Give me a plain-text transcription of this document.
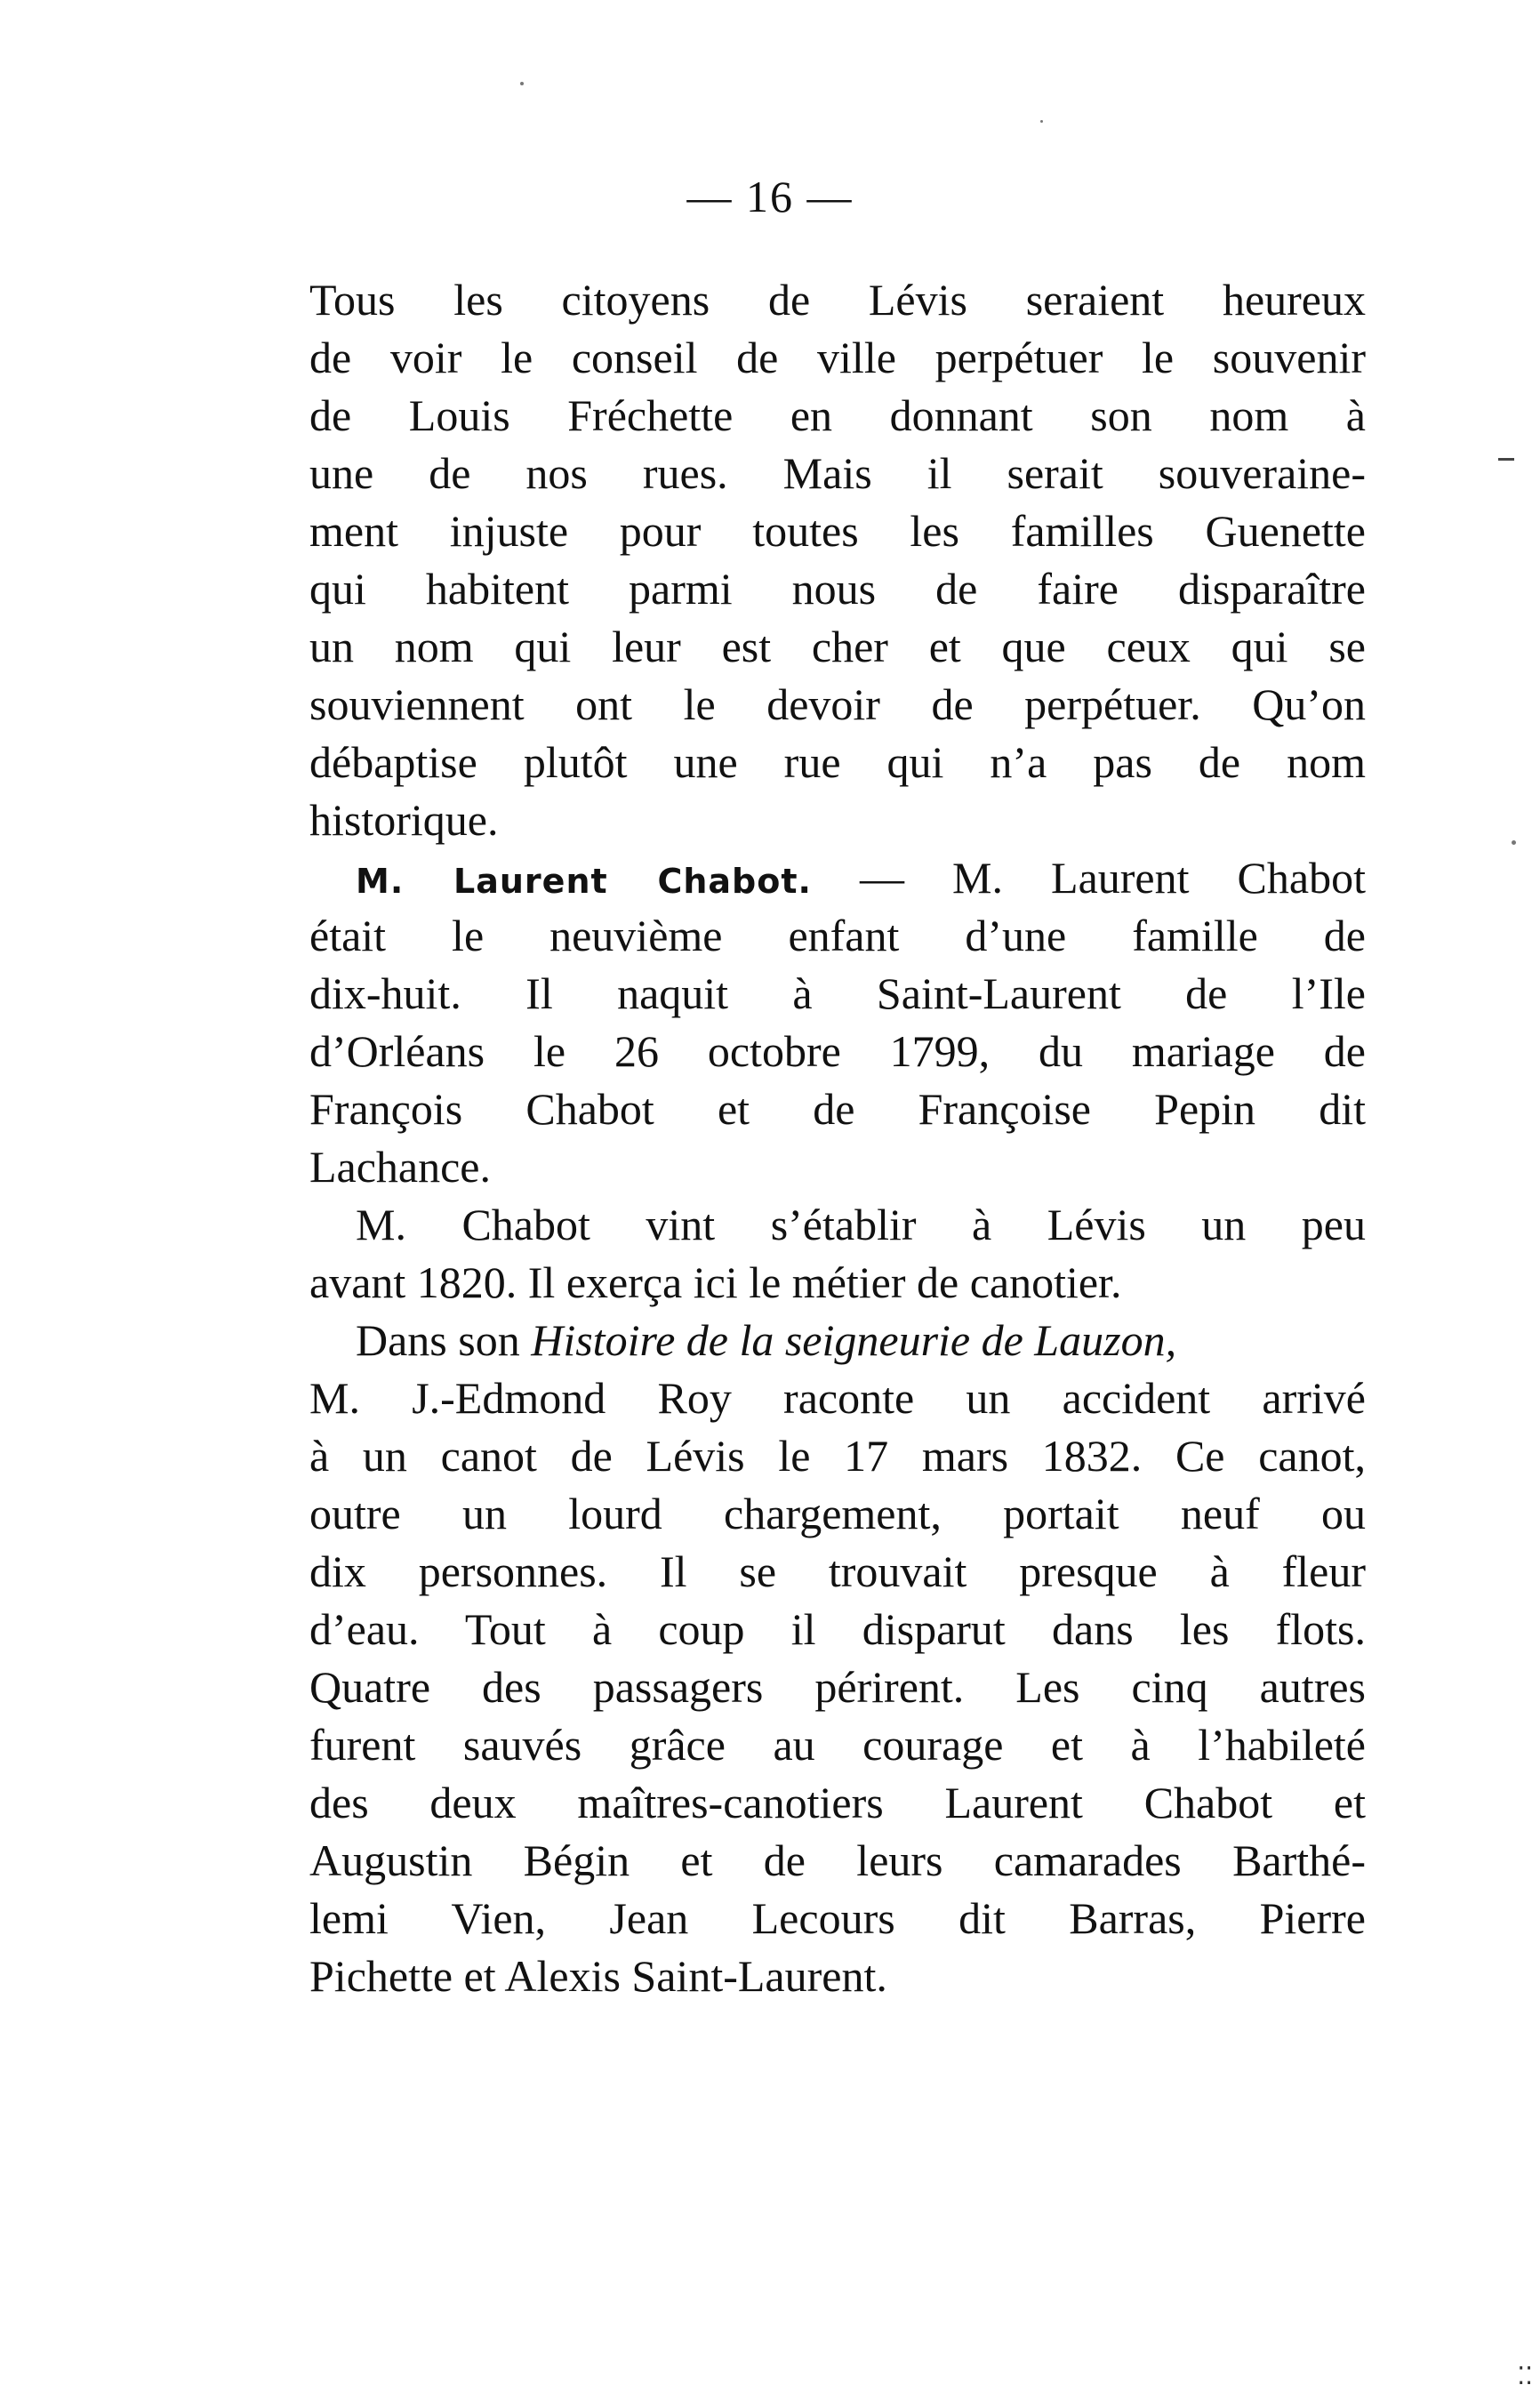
⁚⁚
— 16 —
Tous les citoyens de Lévis seraient heureux
de voir le conseil de ville perpétuer le souvenir
de Louis Fréchette en donnant son nom à
une de nos rues. Mais il serait souveraine-
ment injuste pour toutes les familles Guenette
qui habitent parmi nous de faire disparaître
un nom qui leur est cher et que ceux qui se
souviennent ont le devoir de perpétuer. Qu’on
débaptise plutôt une rue qui n’a pas de nom
historique.
M. Laurent Chabot. — M. Laurent Chabot
était le neuvième enfant d’une famille de
dix-huit. Il naquit à Saint-Laurent de l’Ile
d’Orléans le 26 octobre 1799, du mariage de
François Chabot et de Françoise Pepin dit
Lachance.
M. Chabot vint s’établir à Lévis un peu
avant 1820. Il exerça ici le métier de canotier.
Dans son Histoire de la seigneurie de Lauzon,
M. J.-Edmond Roy raconte un accident arrivé
à un canot de Lévis le 17 mars 1832. Ce canot,
outre un lourd chargement, portait neuf ou
dix personnes. Il se trouvait presque à fleur
d’eau. Tout à coup il disparut dans les flots.
Quatre des passagers périrent. Les cinq autres
furent sauvés grâce au courage et à l’habileté
des deux maîtres-canotiers Laurent Chabot et
Augustin Bégin et de leurs camarades Barthé-
lemi Vien, Jean Lecours dit Barras, Pierre
Pichette et Alexis Saint-Laurent.
